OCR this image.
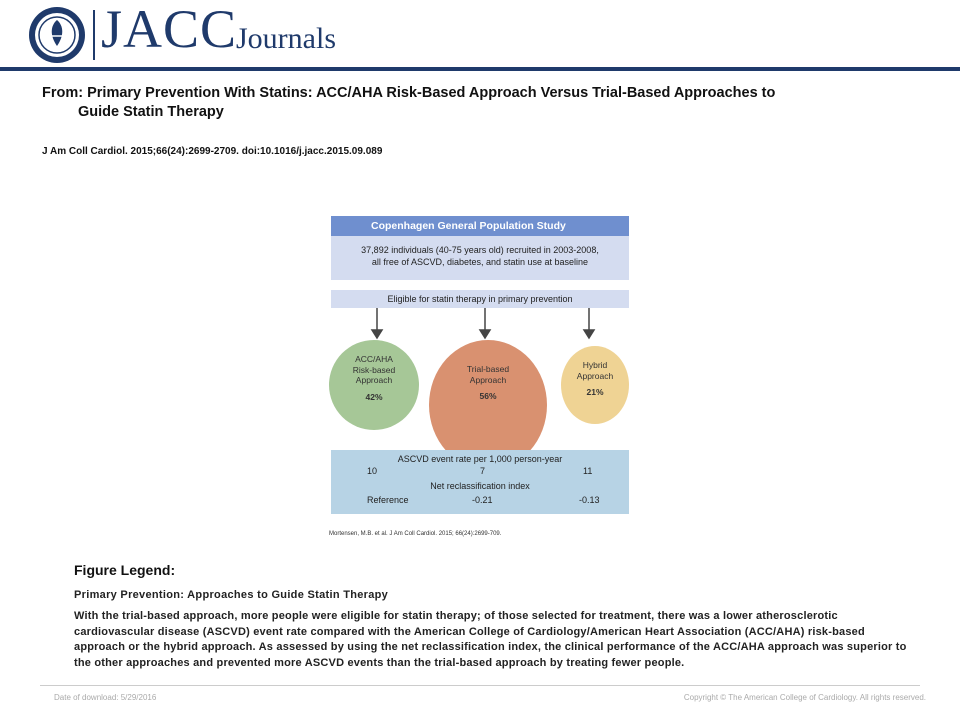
JACC
Journals
From: Primary Prevention With Statins: ACC/AHA Risk-Based Approach Versus Trial-Based Approaches to
Guide Statin Therapy
J Am Coll Cardiol. 2015;66(24):2699-2709. doi:10.1016/j.jacc.2015.09.089
Copenhagen General Population Study
37,892 individuals (40-75 years old) recruited in 2003-2008,
all free of ASCVD, diabetes, and statin use at baseline
Eligible for statin therapy in primary prevention
ACC/AHA
Risk-based
Approach
42%
Trial-based
Approach
56%
Hybrid
Approach
21%
ASCVD event rate per 1,000 person-year
10	7	11
Net reclassification index
Reference	-0.21	-0.13
Mortensen, M.B. et al. J Am Coll Cardiol. 2015; 66(24):2699-709.
Figure Legend:
Primary Prevention: Approaches to Guide Statin Therapy
With the trial-based approach, more people were eligible for statin therapy; of those selected for treatment, there was a lower atherosclerotic cardiovascular disease (ASCVD) event rate compared with the American College of Cardiology/American Heart Association (ACC/AHA) risk-based approach or the hybrid approach. As assessed by using the net reclassification index, the clinical performance of the ACC/AHA approach was superior to the other approaches and prevented more ASCVD events than the trial-based approach by treating fewer people.
Date of download: 5/29/2016	Copyright © The American College of Cardiology. All rights reserved.
